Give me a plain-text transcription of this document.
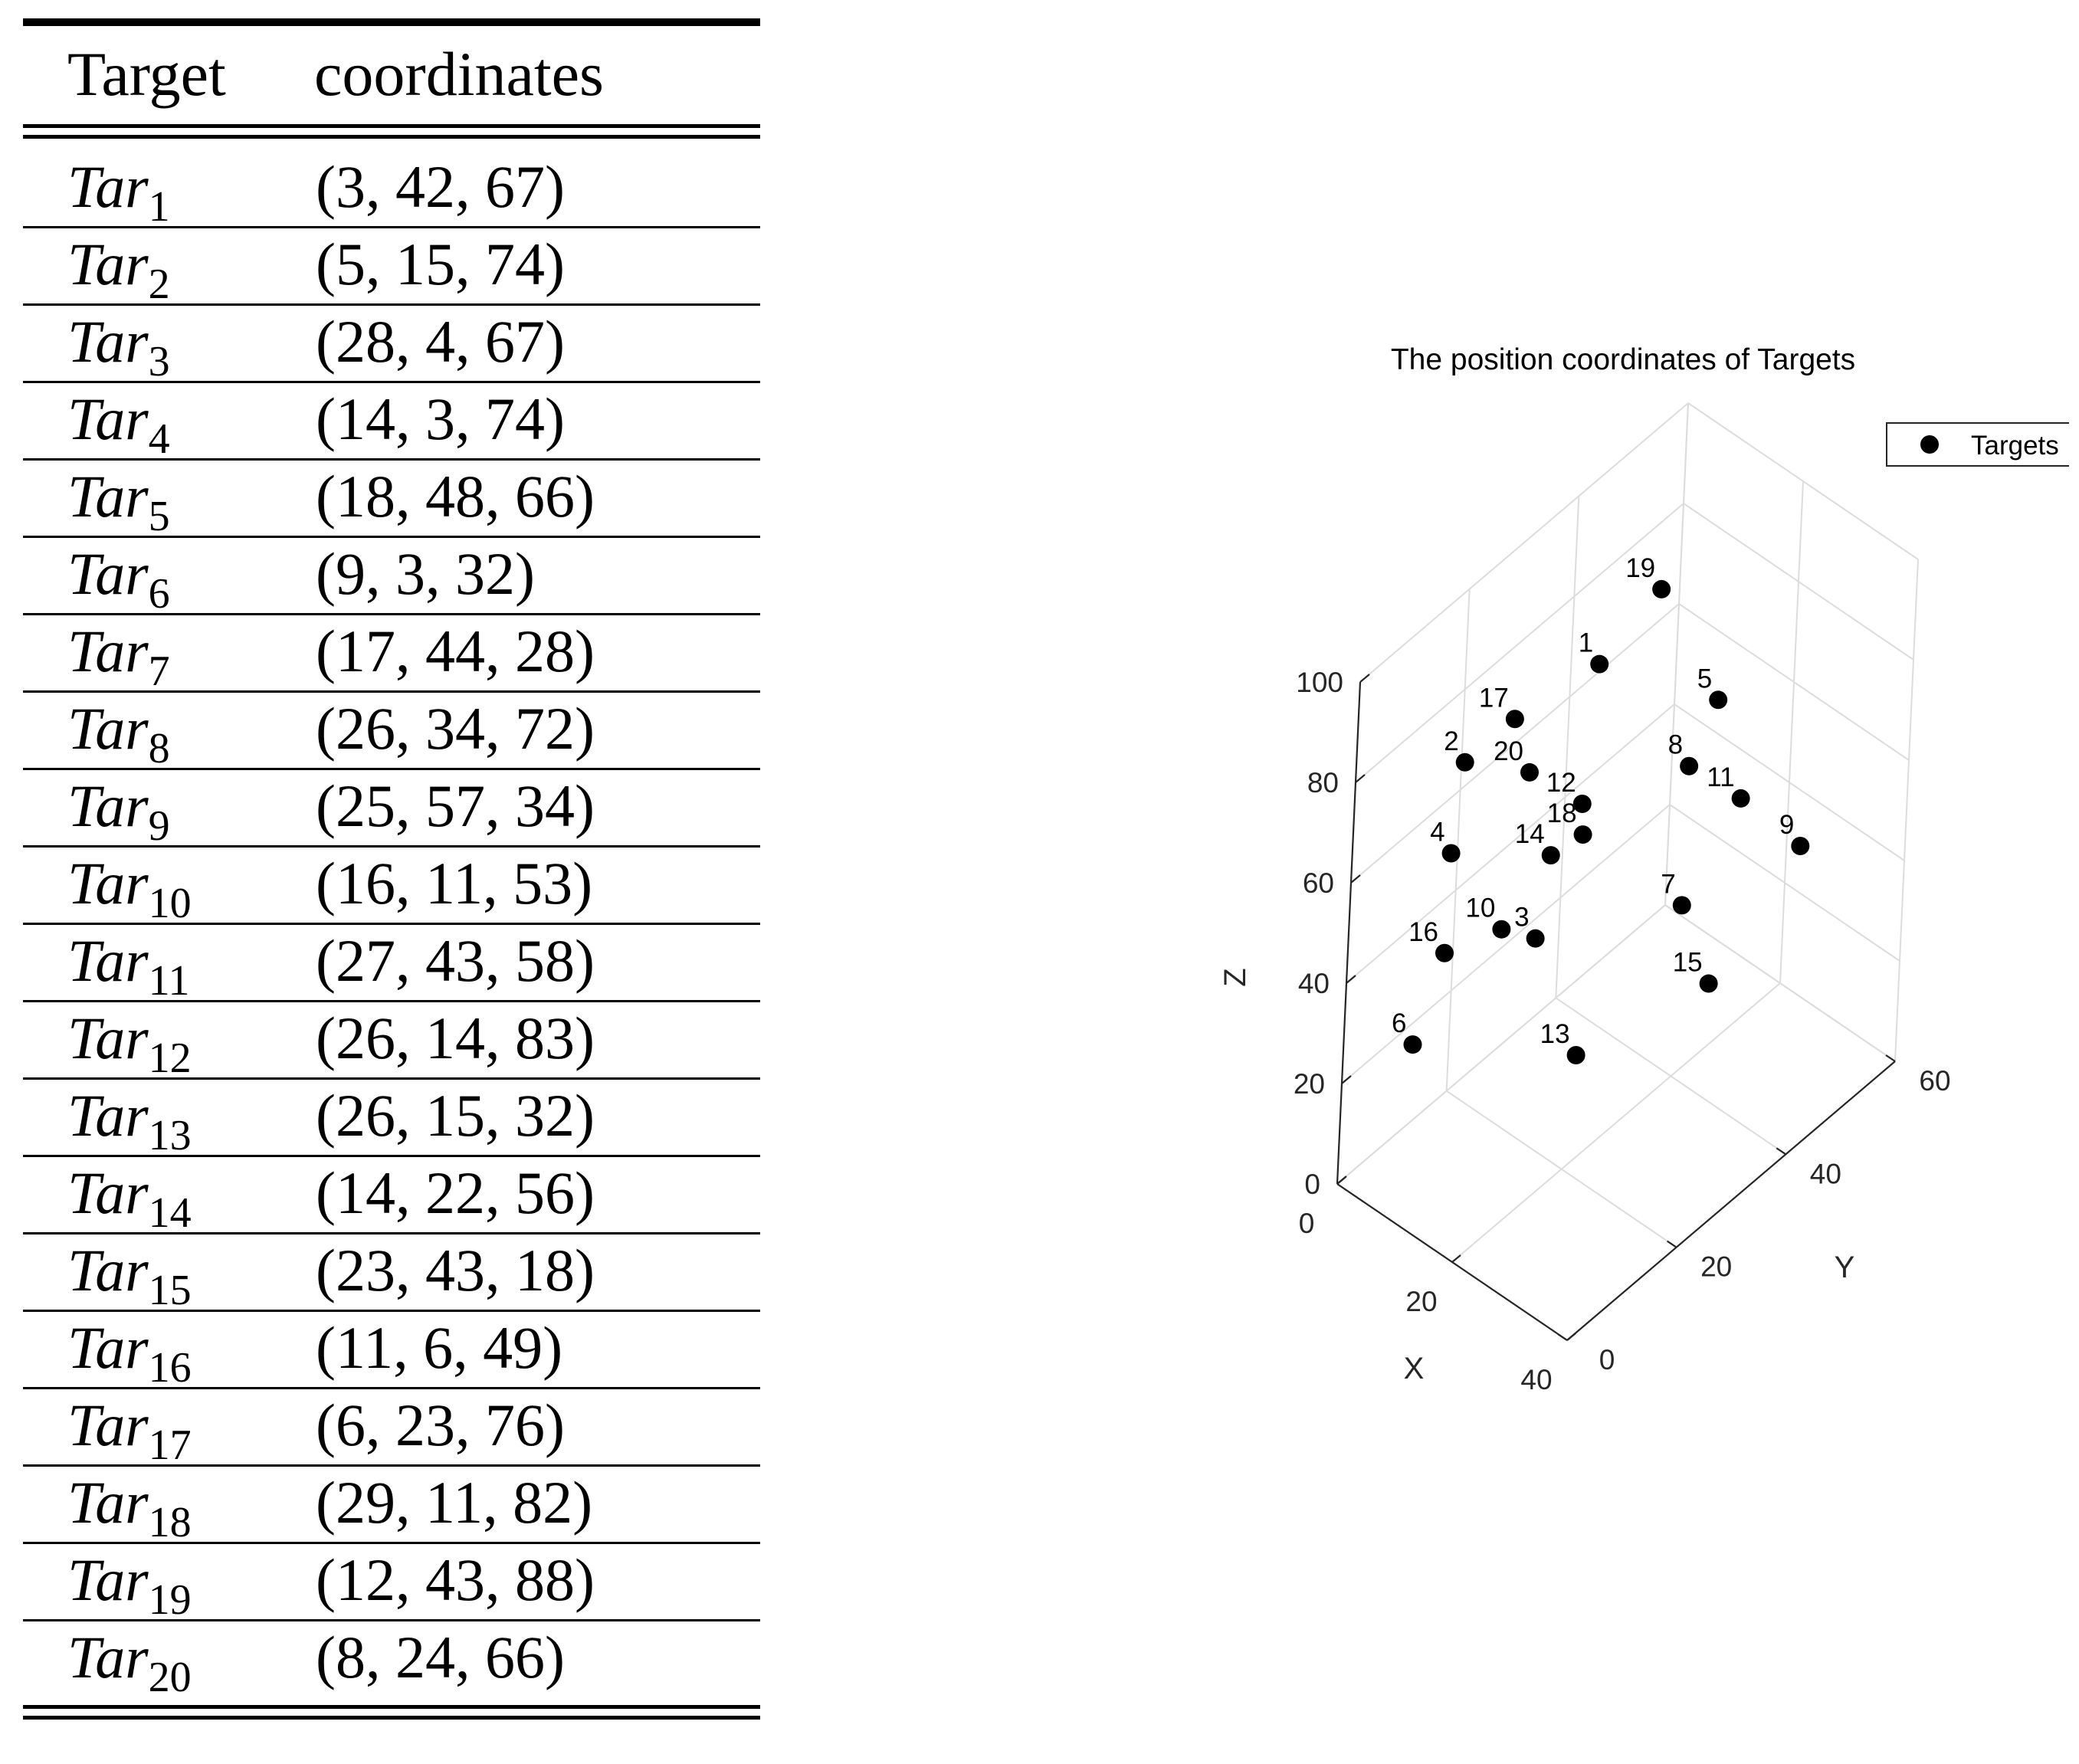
Target coordinates
Tar$_1$ (3, 42, 67)
Tar$_2$ (5, 15, 74)
Tar$_3$ (28, 4, 67)
Tar$_4$ (14, 3, 74)
Tar$_5$ (18, 48, 66)
Tar$_6$ (9, 3, 32)
Tar$_7$ (17, 44, 28)
Tar$_8$ (26, 34, 72)
Tar$_9$ (25, 57, 34)
Tar$_{10}$ (16, 11, 53)
Tar$_{11}$ (27, 43, 58)
Tar$_{12}$ (26, 14, 83)
Tar$_{13}$ (26, 15, 32)
Tar$_{14}$ (14, 22, 56)
Tar$_{15}$ (23, 43, 18)
Tar$_{16}$ (11, 6, 49)
Tar$_{17}$ (6, 23, 76)
Tar$_{18}$ (29, 11, 82)
Tar$_{19}$ (12, 43, 88)
Tar$_{20}$ (8, 24, 66)
The position coordinates of Targets
0
20
40
0
20
40
60
0
20
40
60
80
100
X
Y
Z
1
2
3
4
5
6
7
8
9
10
11
12
13
14
15
16
17
18
19
20
Targets
